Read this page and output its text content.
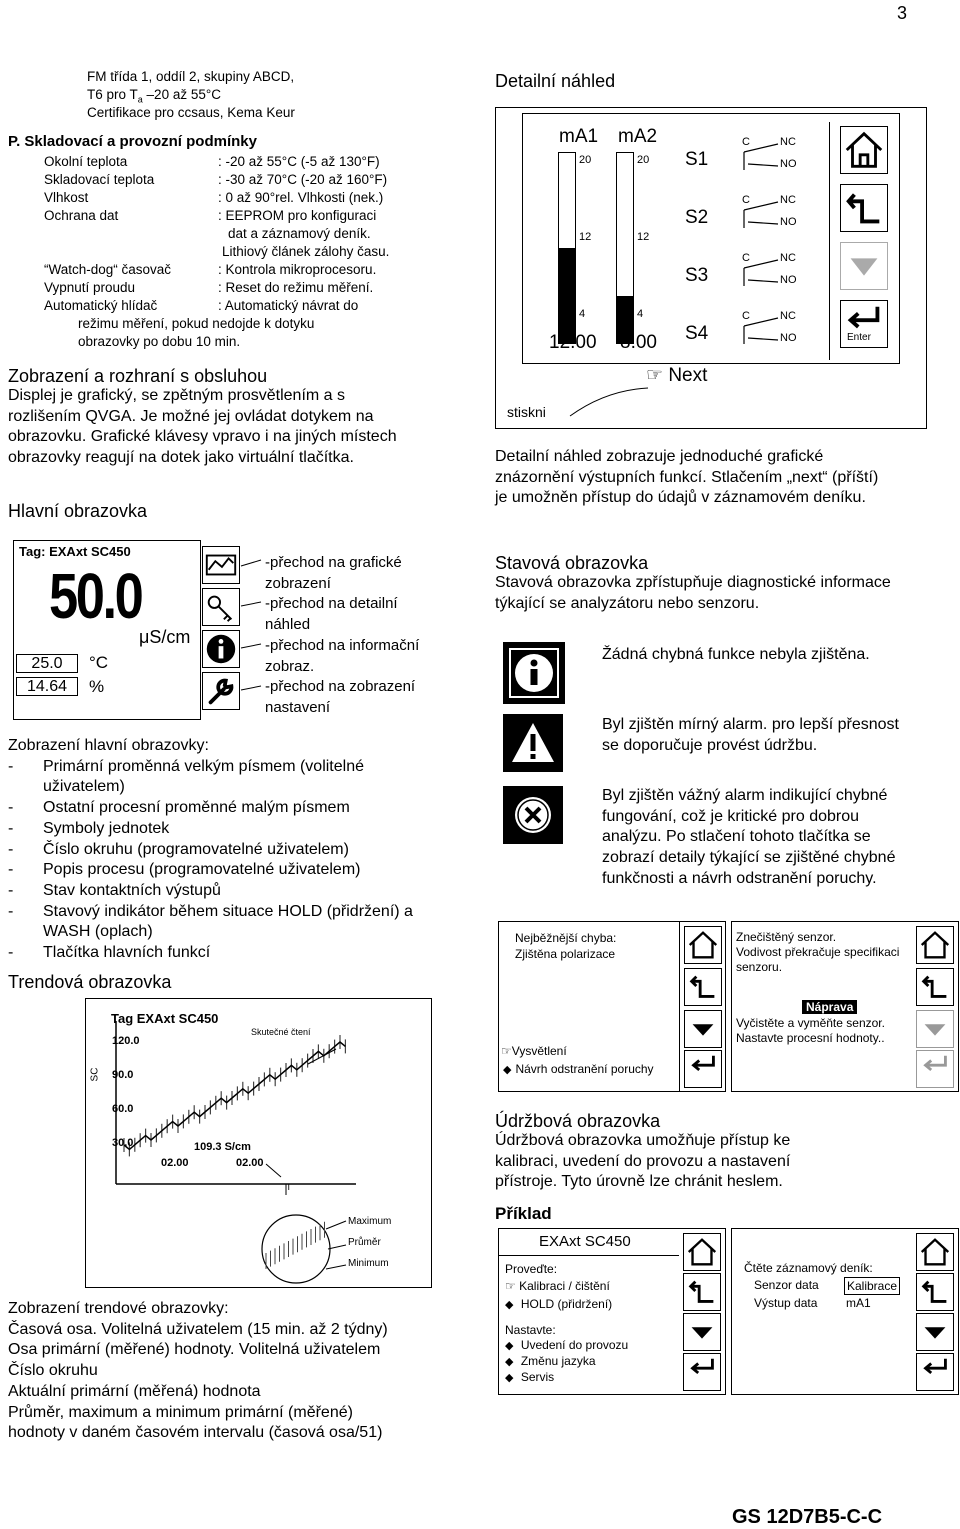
3
FM třída 1, oddíl 2, skupiny ABCD,
T6 pro $T_a$ –20 až 55°C
Certifikace pro ccsaus, Kema Keur
P. Skladovací a provozní podmínky
Okolní teplota	: -20 až 55°C (-5 až 130°F)
Skladovací teplota	: -30 až 70°C (-20 až 160°F)
Vlhkost	: 0 až 90°rel. Vlhkosti (nek.)
Ochrana dat	: EEPROM pro konfiguraci
dat a záznamový deník.
Lithiový článek zálohy času.
“Watch-dog“ časovač	: Kontrola mikroprocesoru.
Vypnutí proudu	: Reset do režimu měření.
Automatický hlídač	: Automatický návrat do
režimu měření, pokud nedojde k dotyku
obrazovky po dobu 10 min.
Zobrazení a rozhraní s obsluhou
Displej je grafický, se zpětným prosvětlením a s rozlišením QVGA. Je možné jej ovládat dotykem na obrazovku. Grafické klávesy vpravo i na jiných místech obrazovky reagují na dotek jako virtuální tlačítka.
Hlavní obrazovka
Tag: EXAxt SC450
50.0
μS/cm
25.0	°C
14.64	%
-přechod na grafické zobrazení
-přechod na detailní náhled
-přechod na informační zobraz.
-přechod na zobrazení nastavení
Zobrazení hlavní obrazovky:
- Primární proměnná velkým písmem (volitelné uživatelem)
- Ostatní procesní proměnné malým písmem
- Symboly jednotek
- Číslo okruhu (programovatelné uživatelem)
- Popis procesu (programovatelné uživatelem)
- Stav kontaktních výstupů
- Stavový indikátor během situace HOLD (přidržení) a WASH (oplach)
- Tlačítka hlavních funkcí
Trendová obrazovka
Tag EXAxt SC450
Skutečné čtení
120.0
90.0
60.0
30.0
SC
109.3 S/cm
02.00	02.00
T
Maximum
Průměr
Minimum
Zobrazení trendové obrazovky:
Časová osa. Volitelná uživatelem (15 min. až 2 týdny)
Osa primární (měřené) hodnoty. Volitelná uživatelem
Číslo okruhu
Aktuální primární (měřená) hodnota
Průměr, maximum a minimum primární (měřené)
hodnoty v daném časovém intervalu (časová osa/51)
Detailní náhled
mA1 mA2
20
12
4
20
12
4
12.00 8.00
S1
S2
S3
S4
C	NC
NO
C	NC
NO
C	NC
NO
C	NC
NO	Enter
☞ Next
stiskni
Detailní náhled zobrazuje jednoduché grafické znázornění výstupních funkcí. Stlačením „next“ (příští) je umožněn přístup do údajů v záznamovém deníku.
Stavová obrazovka
Stavová obrazovka zpřístupňuje diagnostické informace týkající se analyzátoru nebo senzoru.
Žádná chybná funkce nebyla zjištěna.
Byl zjištěn mírný alarm. pro lepší přesnost se doporučuje provést údržbu.
Byl zjištěn vážný alarm indikující chybné fungování, což je kritické pro dobrou analýzu. Po stlačení tohoto tlačítka se zobrazí detaily týkající se zjištěné chybné funkčnosti a návrh odstranění poruchy.
Nejběžnější chyba:
Zjištěna polarizace
☞Vysvětlení
◆ Návrh odstranění poruchy
Znečištěný senzor.
Vodivost překračuje specifikaci senzoru.
Náprava
Vyčistěte a vyměňte senzor.
Nastavte procesní hodnoty..
Údržbová obrazovka
Údržbová obrazovka umožňuje přístup ke kalibraci, uvedení do provozu a nastavení přístroje. Tyto úrovně lze chránit heslem.
Příklad
EXAxt SC450
Proveďte:
☞ Kalibraci / čištění
◆ HOLD (přidržení)
Nastavte:
◆ Uvedení do provozu
◆ Změnu jazyka
◆ Servis
Čtěte záznamový deník:
Senzor data	Kalibrace
Výstup data	mA1
GS 12D7B5-C-C
